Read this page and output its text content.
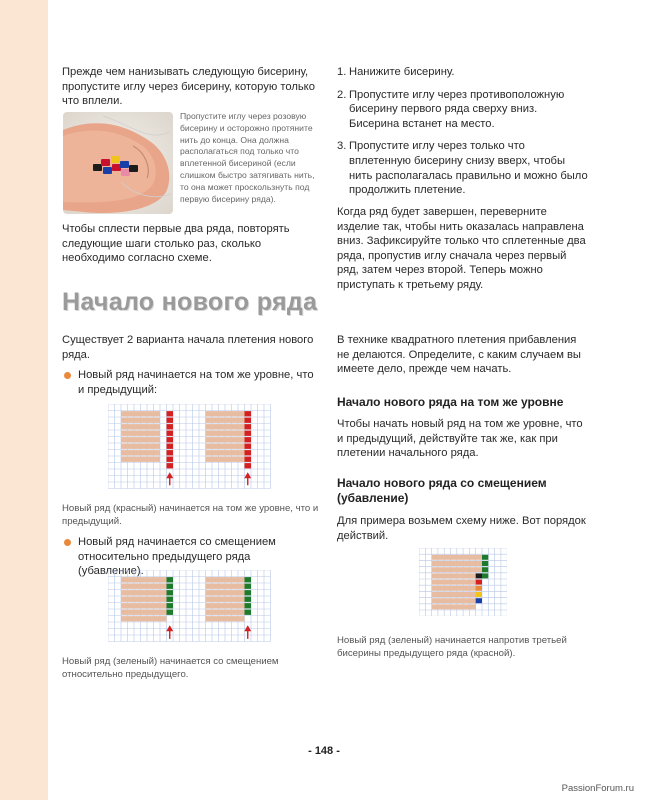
Прежде чем нанизывать следующую бисерину, пропустите иглу через бисерину, которую только что вплели.

Пропустите иглу через розовую бисерину и осторожно протяните нить до конца. Она должна располагаться под только что вплетенной бисериной (если слишком быстро затягивать нить, то она может проскользнуть под первую бисерину ряда).

Чтобы сплести первые два ряда, повторять следующие шаги столько раз, сколько необходимо согласно схеме.

1. Нанижите бисерину.
2. Пропустите иглу через противоположную бисерину первого ряда сверху вниз. Бисерина встанет на место.
3. Пропустите иглу через только что вплетенную бисерину снизу вверх, чтобы нить располагалась правильно и можно было продолжить плетение.

Когда ряд будет завершен, переверните изделие так, чтобы нить оказалась направлена вниз. Зафиксируйте только что сплетенные два ряда, пропустив иглу сначала через первый ряд, затем через второй. Теперь можно приступать к третьему ряду.

Начало нового ряда

Существует 2 варианта начала плетения нового ряда.

Новый ряд начинается на том же уровне, что и предыдущий:

Новый ряд (красный) начинается на том же уровне, что и предыдущий.

Новый ряд начинается со смещением относительно предыдущего ряда (убавление).

Новый ряд (зеленый) начинается со смещением относительно предыдущего.

В технике квадратного плетения прибавления не делаются. Определите, с каким случаем вы имеете дело, прежде чем начать.

Начало нового ряда на том же уровне

Чтобы начать новый ряд на том же уровне, что и предыдущий, действуйте так же, как при плетении начального ряда.

Начало нового ряда со смещением (убавление)

Для примера возьмем схему ниже. Вот порядок действий.

Новый ряд (зеленый) начинается напротив третьей бисерины предыдущего ряда (красной).

- 148 -
PassionForum.ru
